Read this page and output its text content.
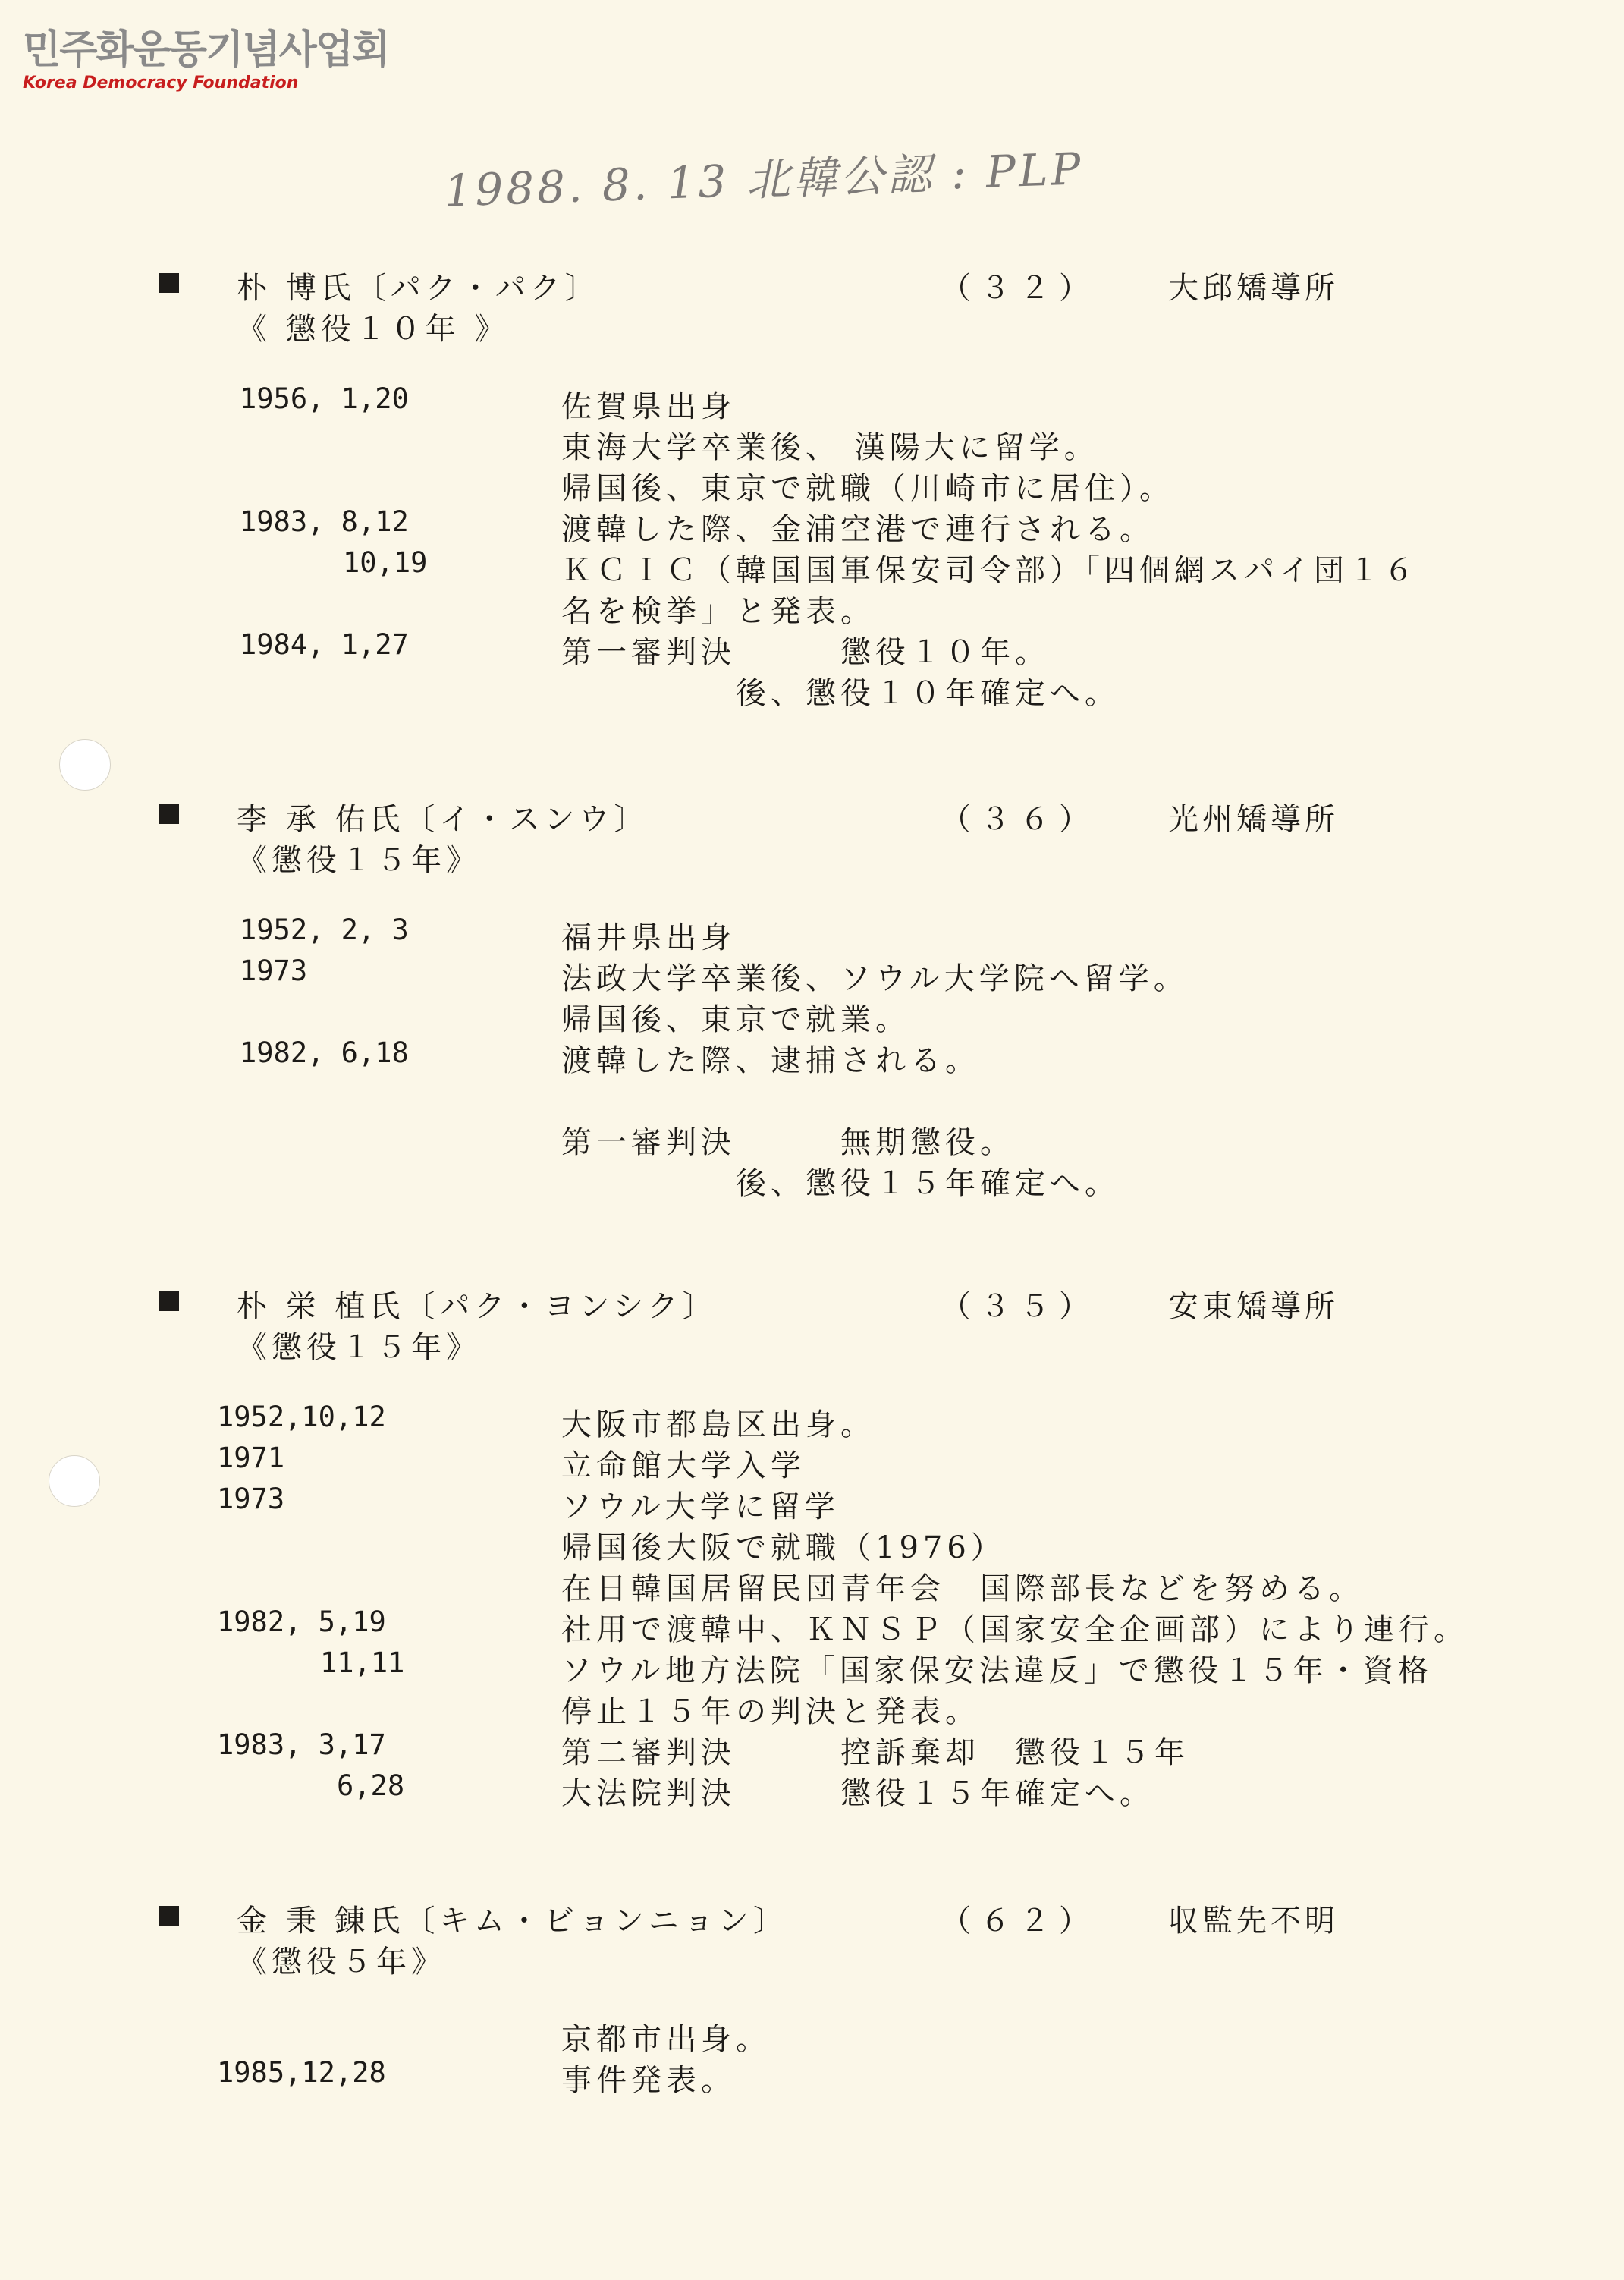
민주화운동기념사업회
Korea Democracy Foundation
1988. 8. 13 北韓公認 : PLP
朴 博氏〔パク・パク〕	（３２） 大邱矯導所
《 懲役１０年 》
1956, 1,20	佐賀県出身
東海大学卒業後、 漢陽大に留学。
帰国後、東京で就職（川崎市に居住）。
1983, 8,12	渡韓した際、金浦空港で連行される。
10,19	ＫＣＩＣ（韓国国軍保安司令部）「四個網スパイ団１６
名を検挙」と発表。
1984, 1,27	第一審判決　　　懲役１０年。
　　　　　後、懲役１０年確定へ。
李 承 佑氏〔イ・スンウ〕	（３６） 光州矯導所
《懲役１５年》
1952, 2, 3	福井県出身
1973	法政大学卒業後、ソウル大学院へ留学。
帰国後、東京で就業。
1982, 6,18	渡韓した際、逮捕される。
第一審判決　　　無期懲役。
　　　　　後、懲役１５年確定へ。
朴 栄 植氏〔パク・ヨンシク〕	（３５） 安東矯導所
《懲役１５年》
1952,10,12	大阪市都島区出身。
1971	立命館大学入学
1973	ソウル大学に留学
帰国後大阪で就職（1976）
在日韓国居留民団青年会　国際部長などを努める。
1982, 5,19	社用で渡韓中、ＫＮＳＰ（国家安全企画部）により連行。
11,11	ソウル地方法院「国家保安法違反」で懲役１５年・資格
停止１５年の判決と発表。
1983, 3,17	第二審判決　　　控訴棄却　懲役１５年
6,28	大法院判決　　　懲役１５年確定へ。
金 秉 錬氏〔キム・ビョンニョン〕	（６２） 収監先不明
《懲役５年》
京都市出身。
1985,12,28	事件発表。
